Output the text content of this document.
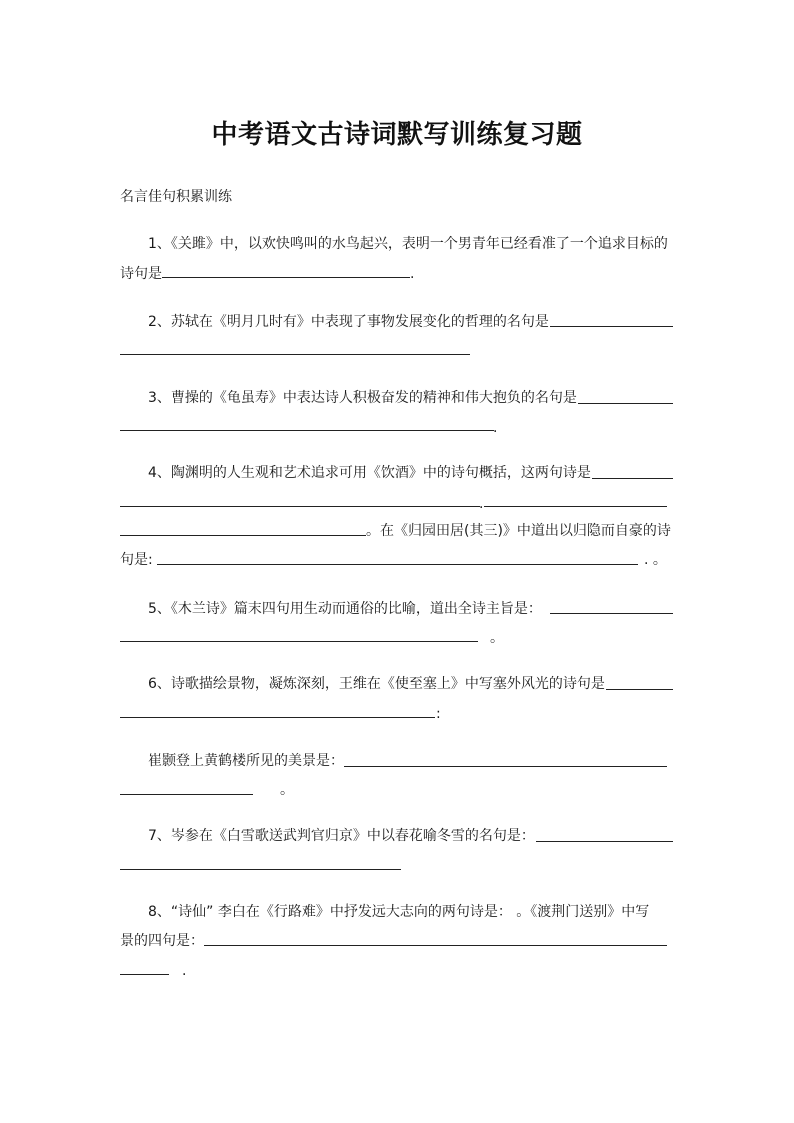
中考语文古诗词默写训练复习题
名言佳句积累训练
1、《关雎》中，以欢快鸣叫的水鸟起兴，表明一个男青年已经看准了一个追求目标的
诗句是	.
2、苏轼在《明月几时有》中表现了事物发展变化的哲理的名句是
3、曹操的《龟虽寿》中表达诗人积极奋发的精神和伟大抱负的名句是
.
4、陶渊明的人生观和艺术追求可用《饮酒》中的诗句概括，这两句诗是
.
。在《归园田居(其三)》中道出以归隐而自豪的诗
句是:	. 。
5、《木兰诗》篇末四句用生动而通俗的比喻，道出全诗主旨是：
。
6、诗歌描绘景物，凝炼深刻，王维在《使至塞上》中写塞外风光的诗句是
:
崔颢登上黄鹤楼所见的美景是：
。
7、岑参在《白雪歌送武判官归京》中以春花喻冬雪的名句是：
8、“诗仙” 李白在《行路难》中抒发远大志向的两句诗是： 。《渡荆门送别》中写
景的四句是：
.
